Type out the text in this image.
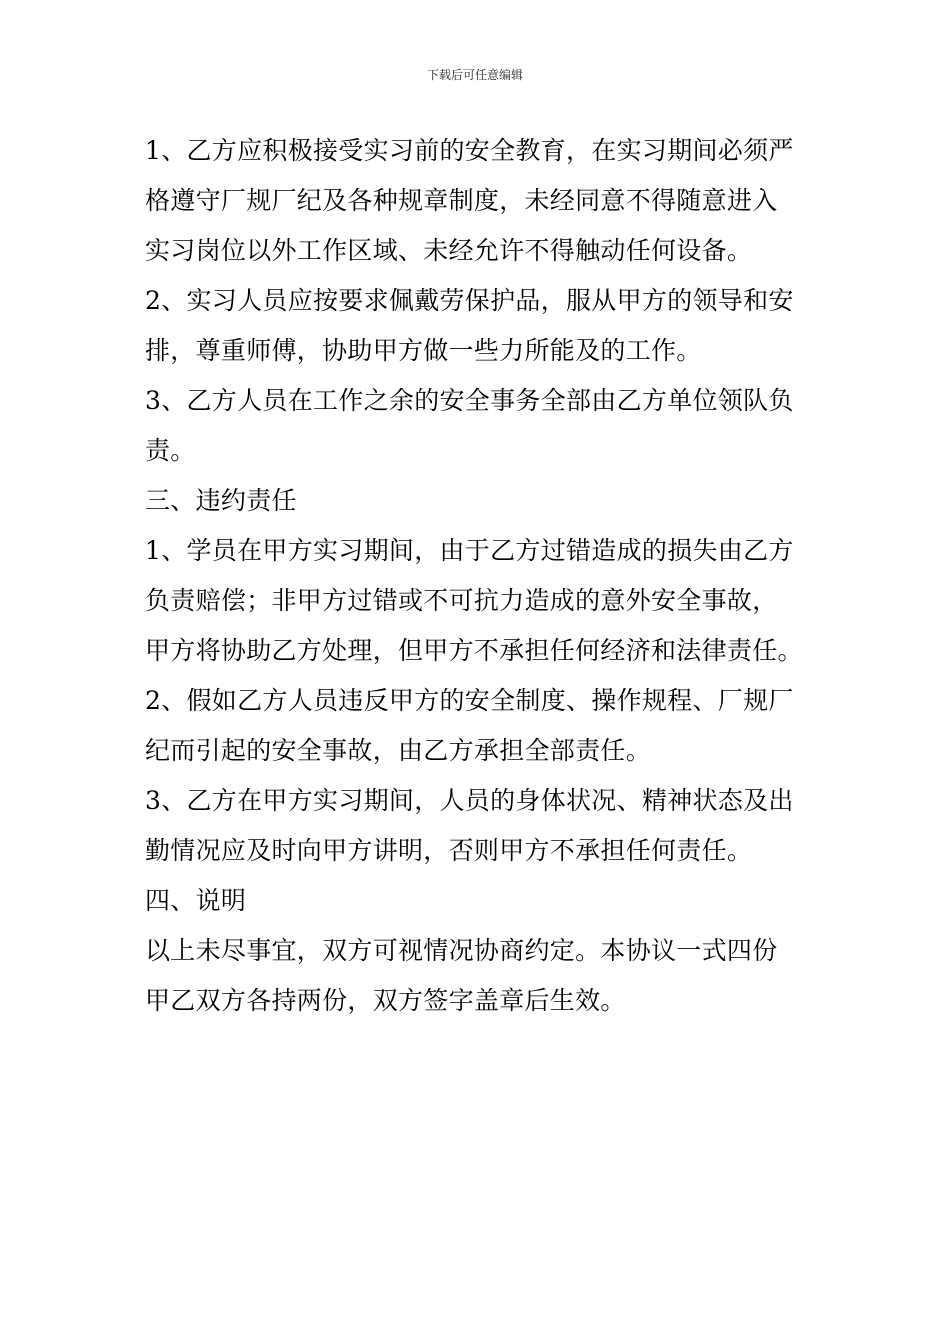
下载后可任意编辑
1、乙方应积极接受实习前的安全教育，在实习期间必须严
格遵守厂规厂纪及各种规章制度，未经同意不得随意进入
实习岗位以外工作区域、未经允许不得触动任何设备。
2、实习人员应按要求佩戴劳保护品，服从甲方的领导和安
排，尊重师傅，协助甲方做一些力所能及的工作。
3、乙方人员在工作之余的安全事务全部由乙方单位领队负
责。
三、违约责任
1、学员在甲方实习期间，由于乙方过错造成的损失由乙方
负责赔偿；非甲方过错或不可抗力造成的意外安全事故，
甲方将协助乙方处理，但甲方不承担任何经济和法律责任。
2、假如乙方人员违反甲方的安全制度、操作规程、厂规厂
纪而引起的安全事故，由乙方承担全部责任。
3、乙方在甲方实习期间，人员的身体状况、精神状态及出
勤情况应及时向甲方讲明，否则甲方不承担任何责任。
四、说明
以上未尽事宜，双方可视情况协商约定。本协议一式四份
甲乙双方各持两份，双方签字盖章后生效。
